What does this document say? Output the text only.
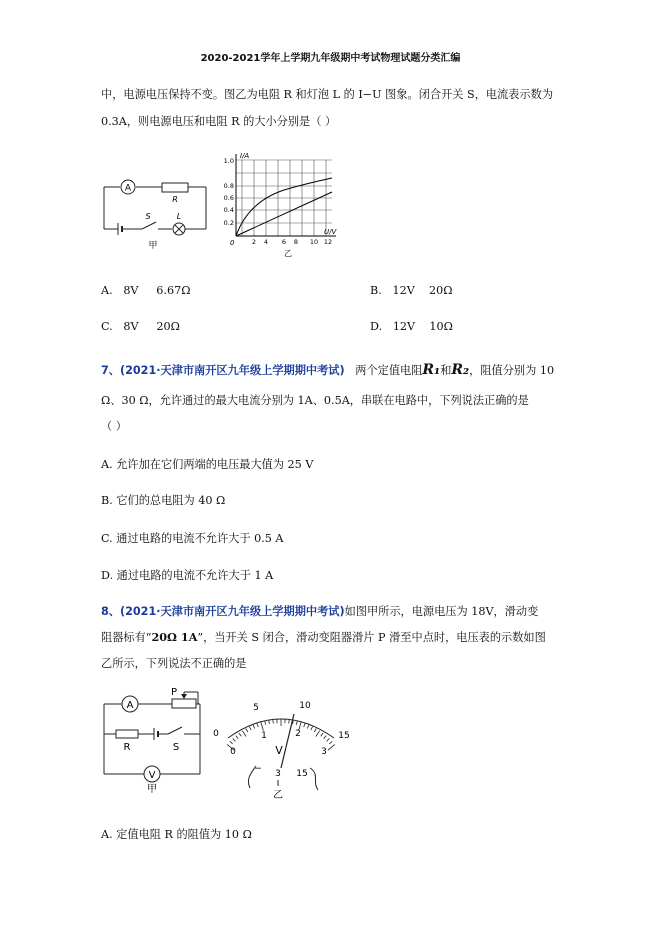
2020-2021学年上学期九年级期中考试物理试题分类汇编
中，电源电压保持不变。图乙为电阻 R 和灯泡 L 的 I−U 图象。闭合开关 S，电流表示数为
0.3A，则电源电压和电阻 R 的大小分别是（ ）
A
R
S	L
甲
I/A
U/V
0
0.2
0.4
0.6
0.8
1.0
2 4 6 8 10 12
乙
A. 8V 6.67Ω	B. 12V 20Ω
C. 8V 20Ω	D. 12V 10Ω
7、(2021·天津市南开区九年级上学期期中考试) 两个定值电阻R₁和R₂，阻值分别为 10
Ω、30 Ω，允许通过的最大电流分别为 1A、0.5A，串联在电路中，下列说法正确的是
（ ）
A. 允许加在它们两端的电压最大值为 25 V
B. 它们的总电阻为 40 Ω
C. 通过电路的电流不允许大于 0.5 A
D. 通过电路的电流不允许大于 1 A
8、(2021·天津市南开区九年级上学期期中考试)如图甲所示，电源电压为 18V，滑动变
阻器标有“20Ω 1A”，当开关 S 闭合，滑动变阻器滑片 P 滑至中点时，电压表的示数如图
乙所示，下列说法不正确的是
A
P
R	S
V
甲
0
5	10
15
0
1	2
3
V
− 3 15
乙
A. 定值电阻 R 的阻值为 10 Ω
